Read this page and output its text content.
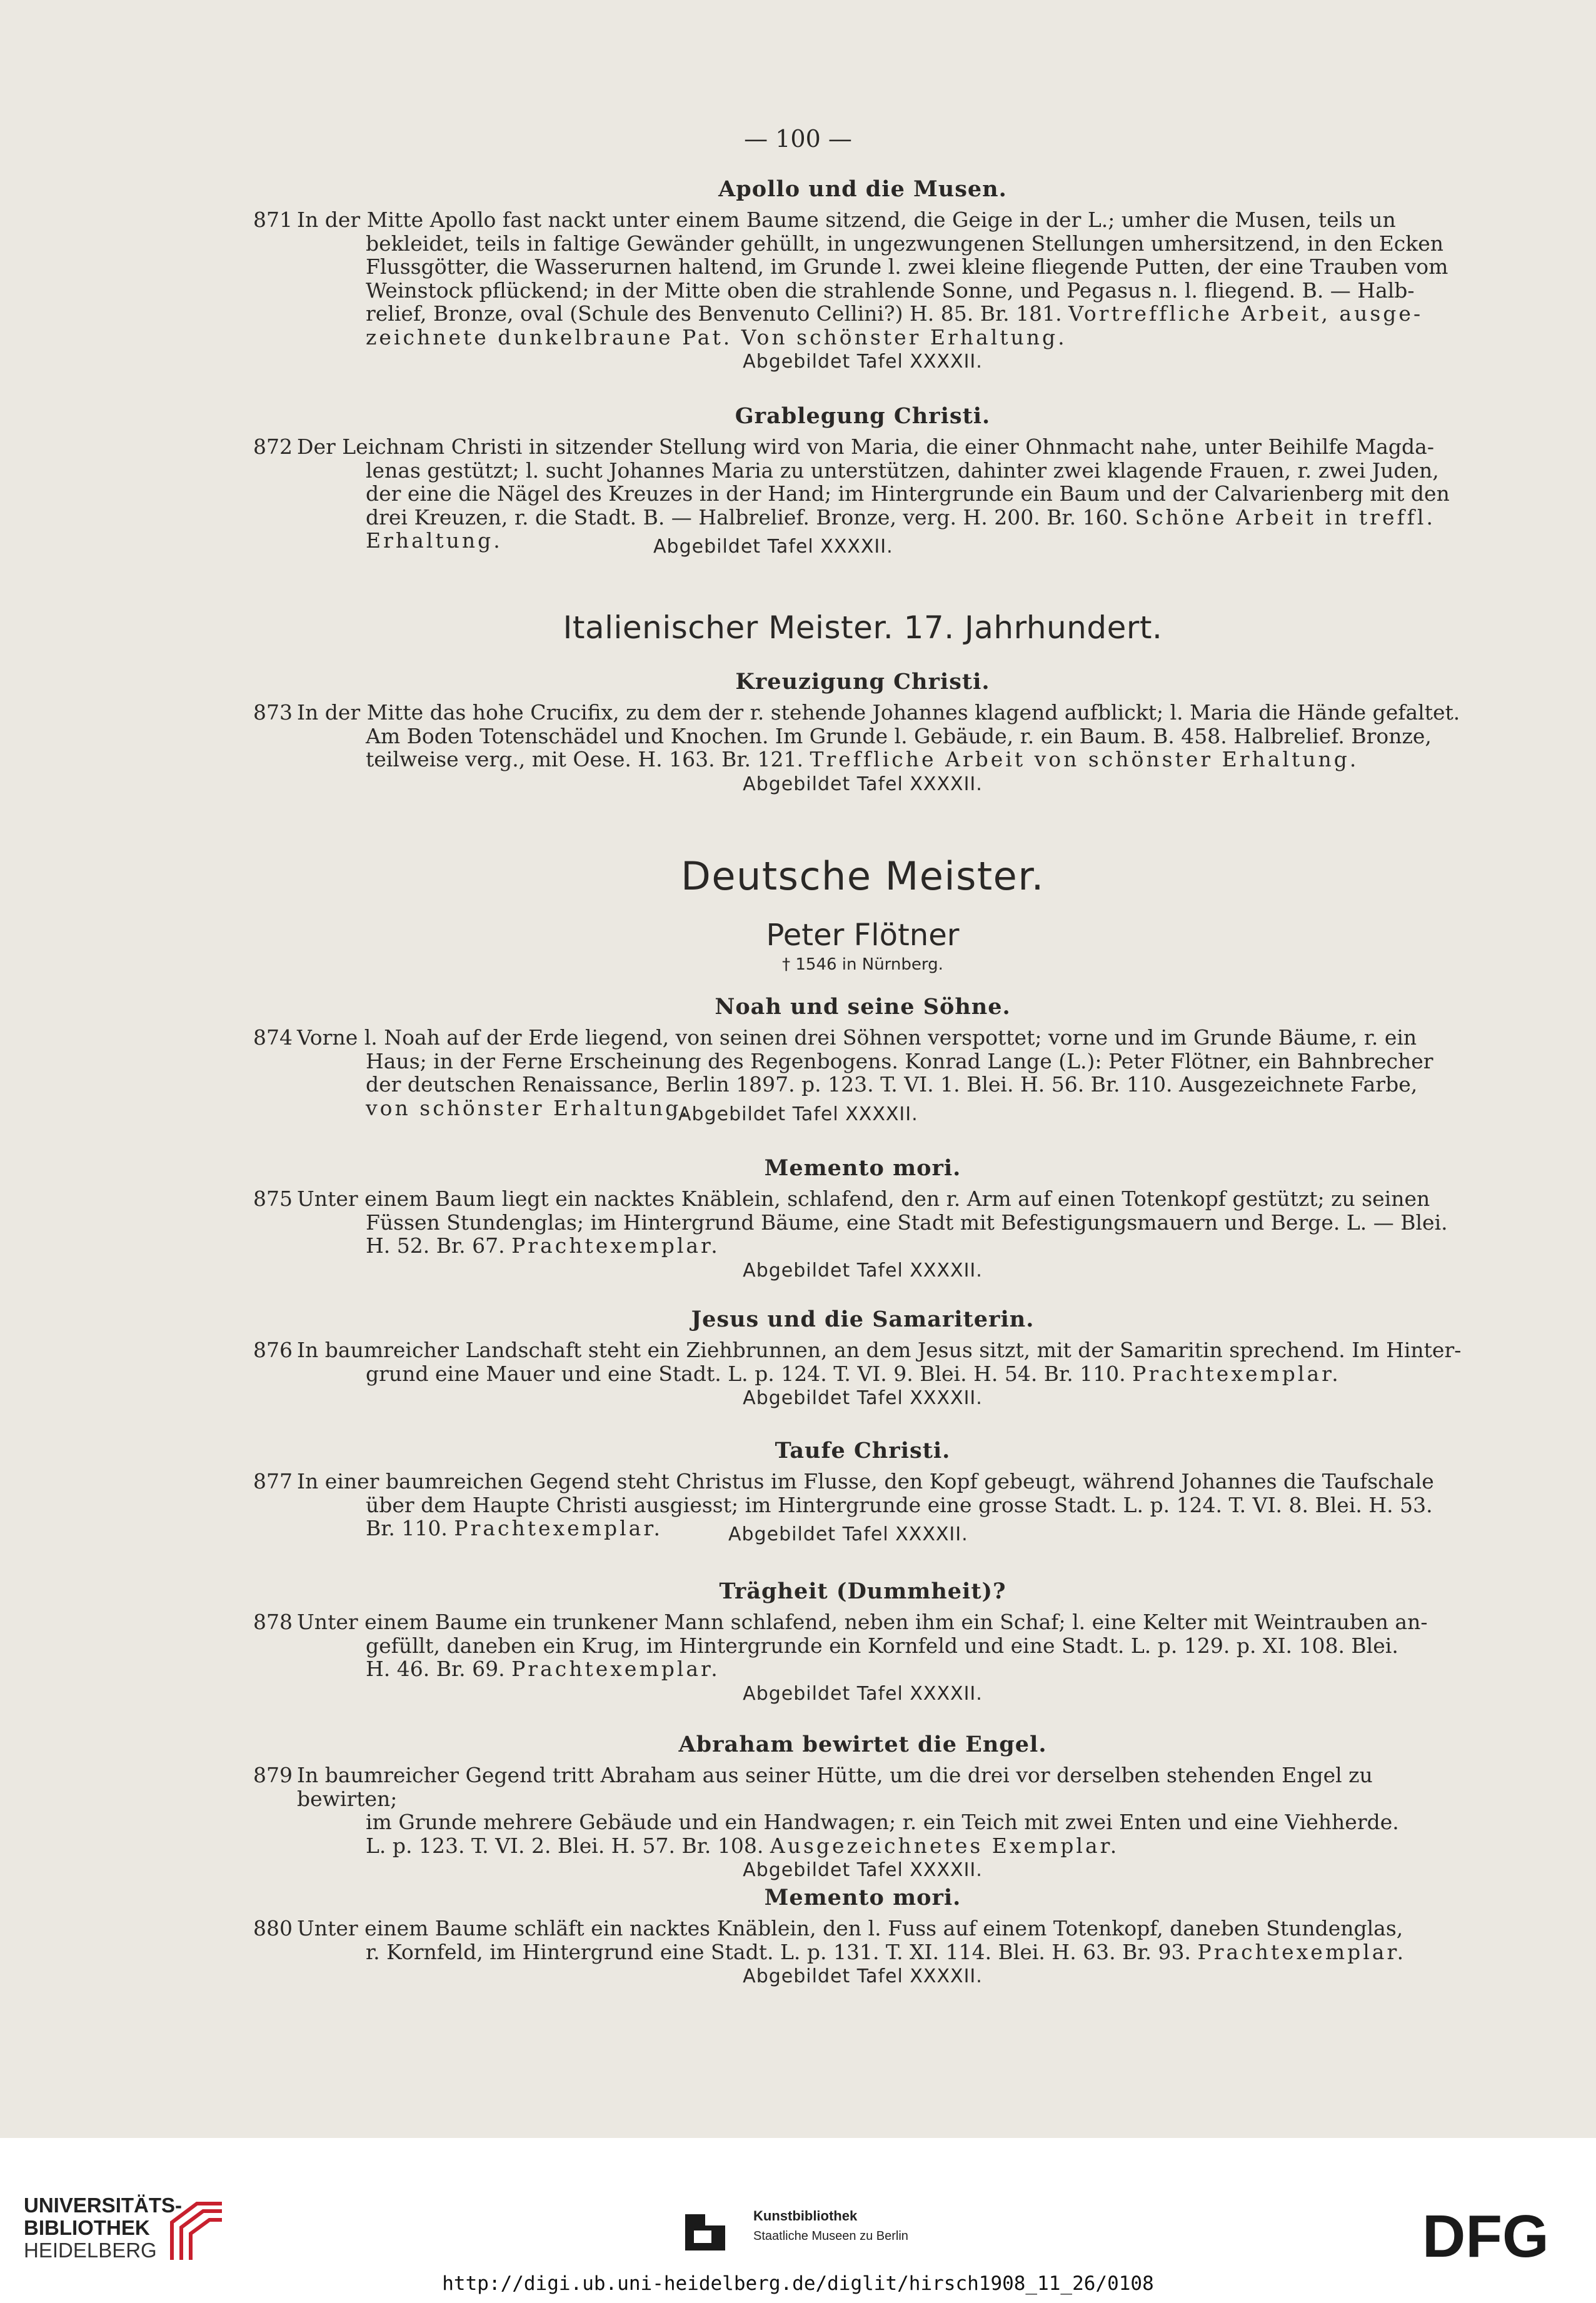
— 100 —

Apollo und die Musen.

871 In der Mitte Apollo fast nackt unter einem Baume sitzend, die Geige in der L.; umher die Musen, teils un
bekleidet, teils in faltige Gewänder gehüllt, in ungezwungenen Stellungen umhersitzend, in den Ecken
Flussgötter, die Wasserurnen haltend, im Grunde l. zwei kleine fliegende Putten, der eine Trauben vom
Weinstock pflückend; in der Mitte oben die strahlende Sonne, und Pegasus n. l. fliegend. B. — Halb-
relief, Bronze, oval (Schule des Benvenuto Cellini?) H. 85. Br. 181. Vortreffliche Arbeit, ausge-
zeichnete dunkelbraune Pat. Von schönster Erhaltung.
Abgebildet Tafel XXXXII.

Grablegung Christi.

872 Der Leichnam Christi in sitzender Stellung wird von Maria, die einer Ohnmacht nahe, unter Beihilfe Magda-
lenas gestützt; l. sucht Johannes Maria zu unterstützen, dahinter zwei klagende Frauen, r. zwei Juden,
der eine die Nägel des Kreuzes in der Hand; im Hintergrunde ein Baum und der Calvarienberg mit den
drei Kreuzen, r. die Stadt. B. — Halbrelief. Bronze, verg. H. 200. Br. 160. Schöne Arbeit in treffl.
Erhaltung.	Abgebildet Tafel XXXXII.

Italienischer Meister. 17. Jahrhundert.

Kreuzigung Christi.

873 In der Mitte das hohe Crucifix, zu dem der r. stehende Johannes klagend aufblickt; l. Maria die Hände gefaltet.
Am Boden Totenschädel und Knochen. Im Grunde l. Gebäude, r. ein Baum. B. 458. Halbrelief. Bronze,
teilweise verg., mit Oese. H. 163. Br. 121. Treffliche Arbeit von schönster Erhaltung.
Abgebildet Tafel XXXXII.

Deutsche Meister.

Peter Flötner

† 1546 in Nürnberg.

Noah und seine Söhne.

874 Vorne l. Noah auf der Erde liegend, von seinen drei Söhnen verspottet; vorne und im Grunde Bäume, r. ein
Haus; in der Ferne Erscheinung des Regenbogens. Konrad Lange (L.): Peter Flötner, ein Bahnbrecher
der deutschen Renaissance, Berlin 1897. p. 123. T. VI. 1. Blei. H. 56. Br. 110. Ausgezeichnete Farbe,
von schönster Erhaltung.
Abgebildet Tafel XXXXII.

Memento mori.

875 Unter einem Baum liegt ein nacktes Knäblein, schlafend, den r. Arm auf einen Totenkopf gestützt; zu seinen
Füssen Stundenglas; im Hintergrund Bäume, eine Stadt mit Befestigungsmauern und Berge. L. — Blei.
H. 52. Br. 67. Prachtexemplar.
Abgebildet Tafel XXXXII.

Jesus und die Samariterin.

876 In baumreicher Landschaft steht ein Ziehbrunnen, an dem Jesus sitzt, mit der Samaritin sprechend. Im Hinter-
grund eine Mauer und eine Stadt. L. p. 124. T. VI. 9. Blei. H. 54. Br. 110. Prachtexemplar.
Abgebildet Tafel XXXXII.

Taufe Christi.

877 In einer baumreichen Gegend steht Christus im Flusse, den Kopf gebeugt, während Johannes die Taufschale
über dem Haupte Christi ausgiesst; im Hintergrunde eine grosse Stadt. L. p. 124. T. VI. 8. Blei. H. 53.
Br. 110. Prachtexemplar.	Abgebildet Tafel XXXXII.

Trägheit (Dummheit)?

878 Unter einem Baume ein trunkener Mann schlafend, neben ihm ein Schaf; l. eine Kelter mit Weintrauben an-
gefüllt, daneben ein Krug, im Hintergrunde ein Kornfeld und eine Stadt. L. p. 129. p. XI. 108. Blei.
H. 46. Br. 69. Prachtexemplar.
Abgebildet Tafel XXXXII.

Abraham bewirtet die Engel.

879 In baumreicher Gegend tritt Abraham aus seiner Hütte, um die drei vor derselben stehenden Engel zu bewirten;
im Grunde mehrere Gebäude und ein Handwagen; r. ein Teich mit zwei Enten und eine Viehherde.
L. p. 123. T. VI. 2. Blei. H. 57. Br. 108. Ausgezeichnetes Exemplar.
Abgebildet Tafel XXXXII.

Memento mori.

880 Unter einem Baume schläft ein nacktes Knäblein, den l. Fuss auf einem Totenkopf, daneben Stundenglas,
r. Kornfeld, im Hintergrund eine Stadt. L. p. 131. T. XI. 114. Blei. H. 63. Br. 93. Prachtexemplar.
Abgebildet Tafel XXXXII.
UNIVERSITÄTS-
BIBLIOTHEK
HEIDELBERG
Kunstbibliothek
Staatliche Museen zu Berlin	DFG
http://digi.ub.uni-heidelberg.de/diglit/hirsch1908_11_26/0108
